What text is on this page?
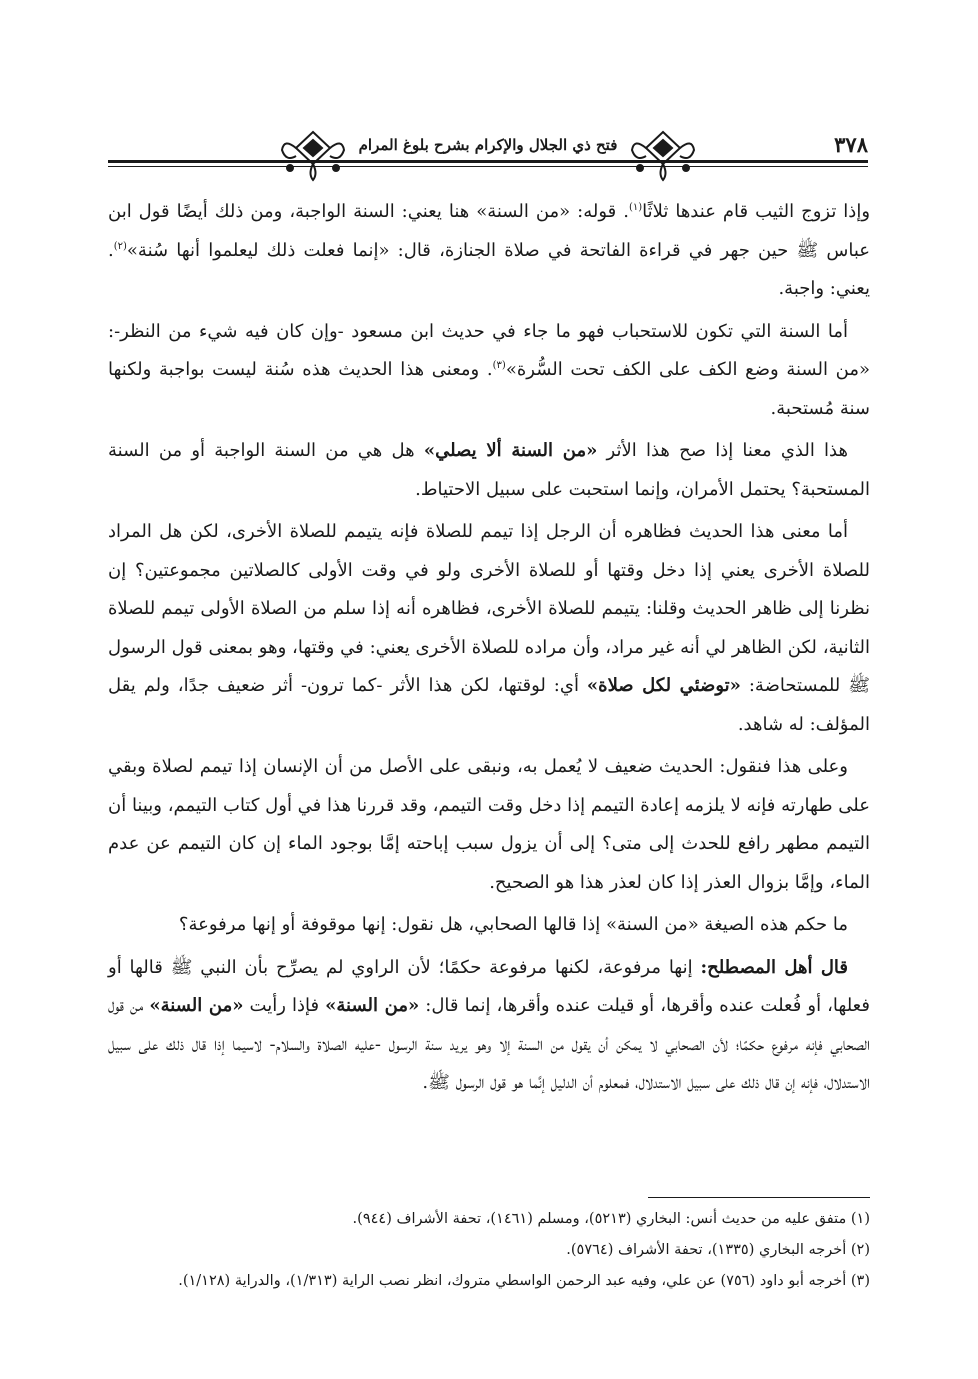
فتح ذي الجلال والإكرام بشرح بلوغ المرام	٣٧٨

وإذا تزوج الثيب قام عندها ثلاثًا$^{(١)}$. قوله: «من السنة» هنا يعني: السنة الواجبة، ومن ذلك أيضًا قول ابن عباس ﷺ حين جهر في قراءة الفاتحة في صلاة الجنازة، قال: «إنما فعلت ذلك ليعلموا أنها سُنة»$^{(٢)}$. يعني: واجبة.

أما السنة التي تكون للاستحباب فهو ما جاء في حديث ابن مسعود -وإن كان فيه شيء من النظر-: «من السنة وضع الكف على الكف تحت السُّرة»$^{(٣)}$. ومعنى هذا الحديث هذه سُنة ليست بواجبة ولكنها سنة مُستحبة.

هذا الذي معنا إذا صح هذا الأثر «من السنة ألا يصلي» هل هي من السنة الواجبة أو من السنة المستحبة؟ يحتمل الأمران، وإنما استحبت على سبيل الاحتياط.

أما معنى هذا الحديث فظاهره أن الرجل إذا تيمم للصلاة فإنه يتيمم للصلاة الأخرى، لكن هل المراد للصلاة الأخرى يعني إذا دخل وقتها أو للصلاة الأخرى ولو في وقت الأولى كالصلاتين مجموعتين؟ إن نظرنا إلى ظاهر الحديث وقلنا: يتيمم للصلاة الأخرى، فظاهره أنه إذا سلم من الصلاة الأولى تيمم للصلاة الثانية، لكن الظاهر لي أنه غير مراد، وأن مراده للصلاة الأخرى يعني: في وقتها، وهو بمعنى قول الرسول ﷺ للمستحاضة: «توضئي لكل صلاة» أي: لوقتها، لكن هذا الأثر -كما ترون- أثر ضعيف جدًا، ولم يقل المؤلف: له شاهد.

وعلى هذا فنقول: الحديث ضعيف لا يُعمل به، ونبقى على الأصل من أن الإنسان إذا تيمم لصلاة وبقي على طهارته فإنه لا يلزمه إعادة التيمم إذا دخل وقت التيمم، وقد قررنا هذا في أول كتاب التيمم، وبينا أن التيمم مطهر رافع للحدث إلى متى؟ إلى أن يزول سبب إباحته إمَّا بوجود الماء إن كان التيمم عن عدم الماء، وإمَّا بزوال العذر إذا كان لعذر هذا هو الصحيح.

ما حكم هذه الصيغة «من السنة» إذا قالها الصحابي، هل نقول: إنها موقوفة أو إنها مرفوعة؟

قال أهل المصطلح: إنها مرفوعة، لكنها مرفوعة حكمًا؛ لأن الراوي لم يصرِّح بأن النبي ﷺ قالها أو فعلها، أو فُعلت عنده وأقرها، أو قيلت عنده وأقرها، إنما قال: «من السنة» فإذا رأيت «من السنة» من قول الصحابي فإنه مرفوع حكمًا؛ لأن الصحابي لا يمكن أن يقول من السنة إلا وهو يريد سنة الرسول -عليه الصلاة والسلام- لاسيما إذا قال ذلك على سبيل الاستدلال، فإنه إن قال ذلك على سبيل الاستدلال، فمعلوم أن الدليل إنَّما هو قول الرسول ﷺ.

(١) متفق عليه من حديث أنس: البخاري (٥٢١٣)، ومسلم (١٤٦١)، تحفة الأشراف (٩٤٤).

(٢) أخرجه البخاري (١٣٣٥)، تحفة الأشراف (٥٧٦٤).

(٣) أخرجه أبو داود (٧٥٦) عن علي، وفيه عبد الرحمن الواسطي متروك، انظر نصب الراية (١/٣١٣)، والدراية (١/١٢٨).
